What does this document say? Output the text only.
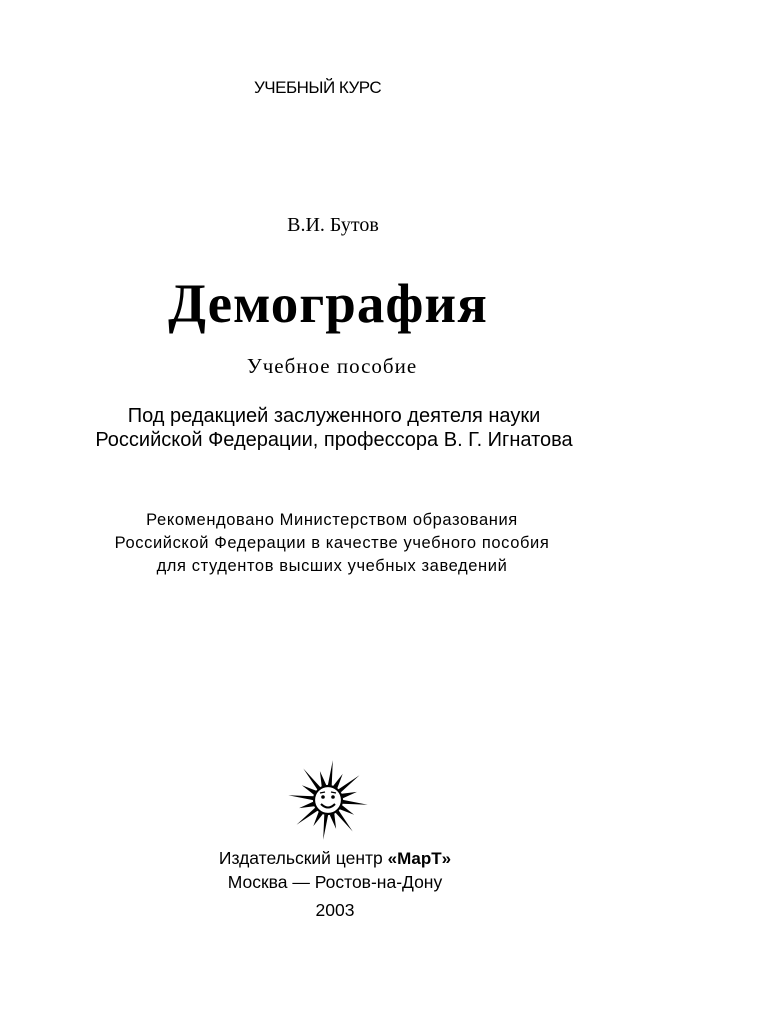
УЧЕБНЫЙ КУРС

В.И. Бутов

Демография

Учебное пособие

Под редакцией заслуженного деятеля науки

Российской Федерации, профессора В. Г. Игнатова

Рекомендовано Министерством образования

Российской Федерации в качестве учебного пособия

для студентов высших учебных заведений

Издательский центр «МарТ»

Москва — Ростов-на-Дону

2003
